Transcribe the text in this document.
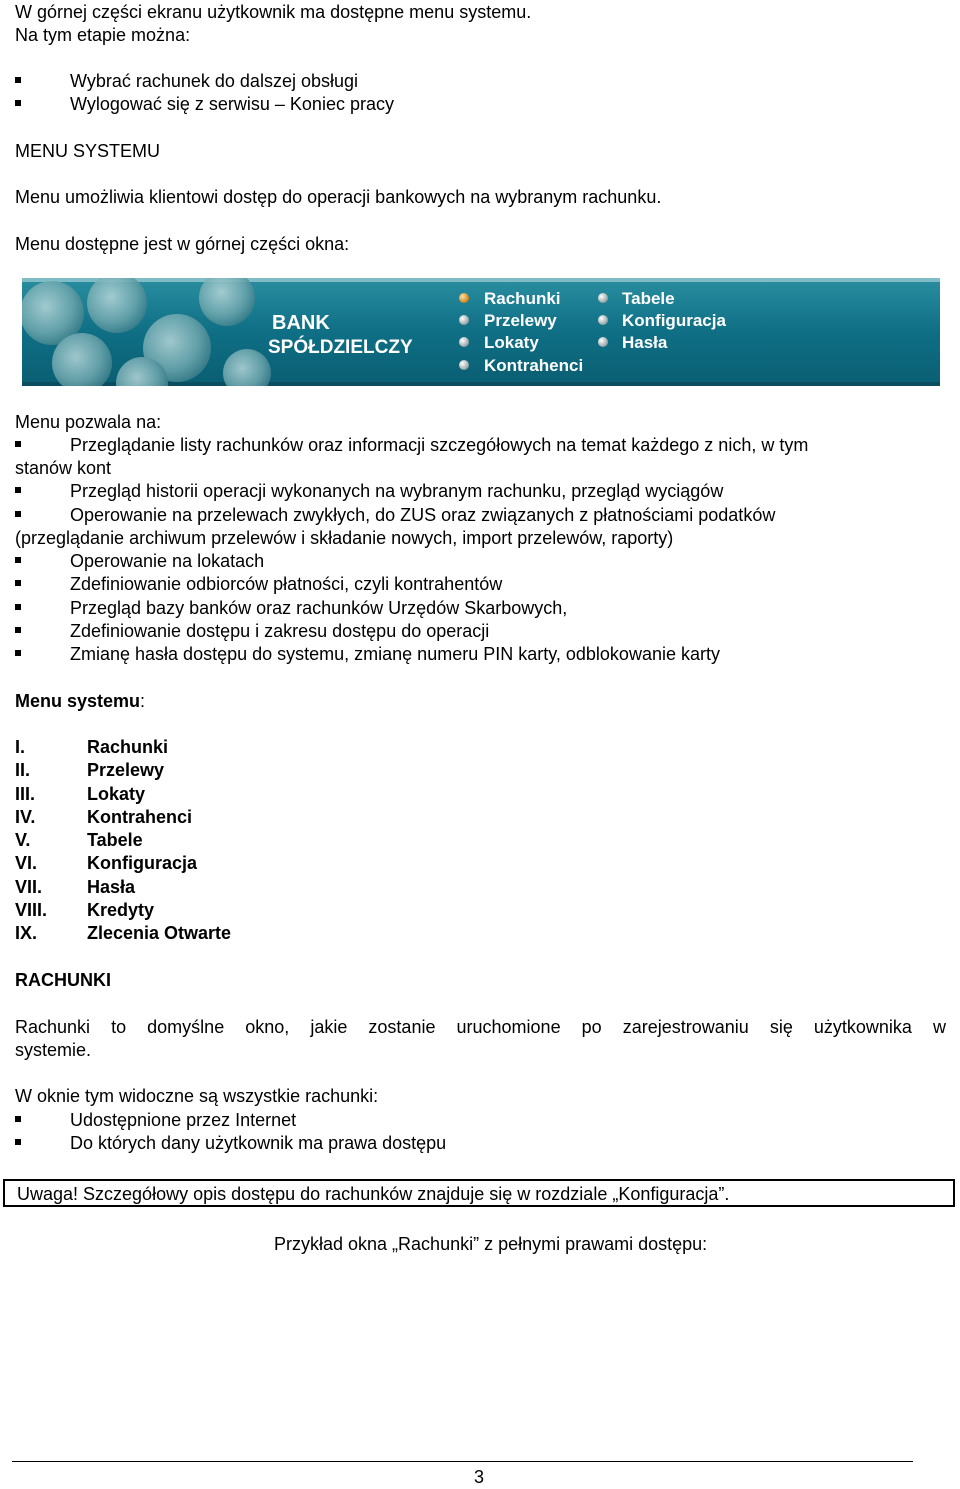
W górnej części ekranu użytkownik ma dostępne menu systemu.
Na tym etapie można:
Wybrać rachunek do dalszej obsługi
Wylogować się z serwisu – Koniec pracy
MENU SYSTEMU
Menu umożliwia klientowi dostęp do operacji bankowych na wybranym rachunku.
Menu dostępne jest w górnej części okna:
BANK
SPÓŁDZIELCZY
Rachunki
Przelewy
Lokaty
Kontrahenci
Tabele
Konfiguracja
Hasła
Menu pozwala na:
Przeglądanie listy rachunków oraz informacji szczegółowych na temat każdego z nich, w tym
stanów kont
Przegląd historii operacji wykonanych na wybranym rachunku, przegląd wyciągów
Operowanie na przelewach zwykłych, do ZUS oraz związanych z płatnościami podatków
(przeglądanie archiwum przelewów i składanie nowych, import przelewów, raporty)
Operowanie na lokatach
Zdefiniowanie odbiorców płatności, czyli kontrahentów
Przegląd bazy banków oraz rachunków Urzędów Skarbowych,
Zdefiniowanie dostępu i zakresu dostępu do operacji
Zmianę hasła dostępu do systemu, zmianę numeru PIN karty, odblokowanie karty
Menu systemu:
I.	Rachunki
II.	Przelewy
III.	Lokaty
IV.	Kontrahenci
V.	Tabele
VI.	Konfiguracja
VII. Hasła
VIII. Kredyty
IX.	Zlecenia Otwarte
RACHUNKI
Rachunki to domyślne okno, jakie zostanie uruchomione po zarejestrowaniu się użytkownika w
systemie.
W oknie tym widoczne są wszystkie rachunki:
Udostępnione przez Internet
Do których dany użytkownik ma prawa dostępu
Uwaga! Szczegółowy opis dostępu do rachunków znajduje się w rozdziale „Konfiguracja”.
Przykład okna „Rachunki” z pełnymi prawami dostępu:
3
